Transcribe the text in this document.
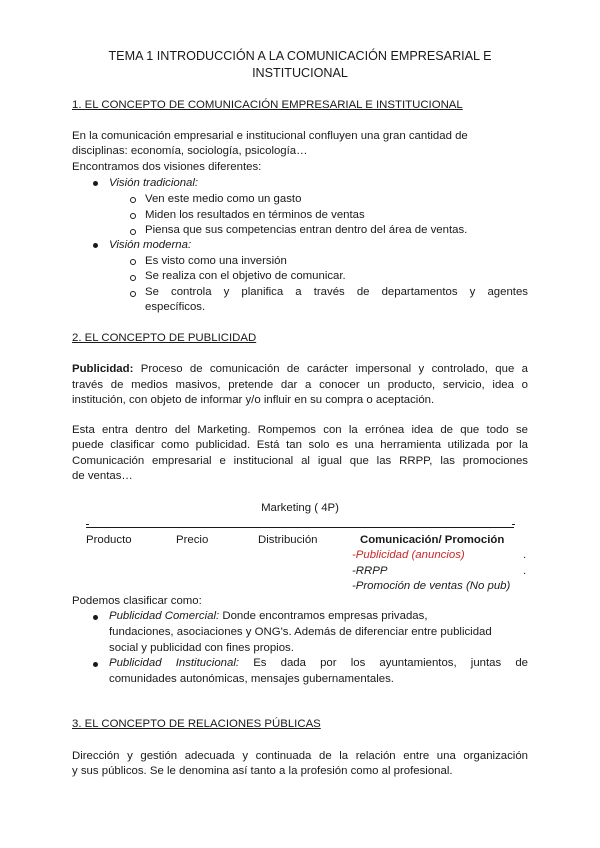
TEMA 1 INTRODUCCIÓN A LA COMUNICACIÓN EMPRESARIAL E
INSTITUCIONAL
1. EL CONCEPTO DE COMUNICACIÓN EMPRESARIAL E INSTITUCIONAL
En la comunicación empresarial e institucional confluyen una gran cantidad de
disciplinas: economía, sociología, psicología…
Encontramos dos visiones diferentes:
Visión tradicional:
Ven este medio como un gasto
Miden los resultados en términos de ventas
Piensa que sus competencias entran dentro del área de ventas.
Visión moderna:
Es visto como una inversión
Se realiza con el objetivo de comunicar.
Se controla y planifica a través de departamentos y agentes
específicos.
2. EL CONCEPTO DE PUBLICIDAD
Publicidad: Proceso de comunicación de carácter impersonal y controlado, que a
través de medios masivos, pretende dar a conocer un producto, servicio, idea o
institución, con objeto de informar y/o influir en su compra o aceptación.
Esta entra dentro del Marketing. Rompemos con la errónea idea de que todo se
puede clasificar como publicidad. Está tan solo es una herramienta utilizada por la
Comunicación empresarial e institucional al igual que las RRPP, las promociones
de ventas…
Marketing ( 4P)
Producto	Precio	Distribución	Comunicación/ Promoción
-Publicidad (anuncios)	.
-RRPP	.
-Promoción de ventas (No pub)
Podemos clasificar como:
Publicidad Comercial: Donde encontramos empresas privadas,
fundaciones, asociaciones y ONG's. Además de diferenciar entre publicidad
social y publicidad con fines propios.
Publicidad Institucional: Es dada por los ayuntamientos, juntas de
comunidades autonómicas, mensajes gubernamentales.
3. EL CONCEPTO DE RELACIONES PÚBLICAS
Dirección y gestión adecuada y continuada de la relación entre una organización
y sus públicos. Se le denomina así tanto a la profesión como al profesional.
